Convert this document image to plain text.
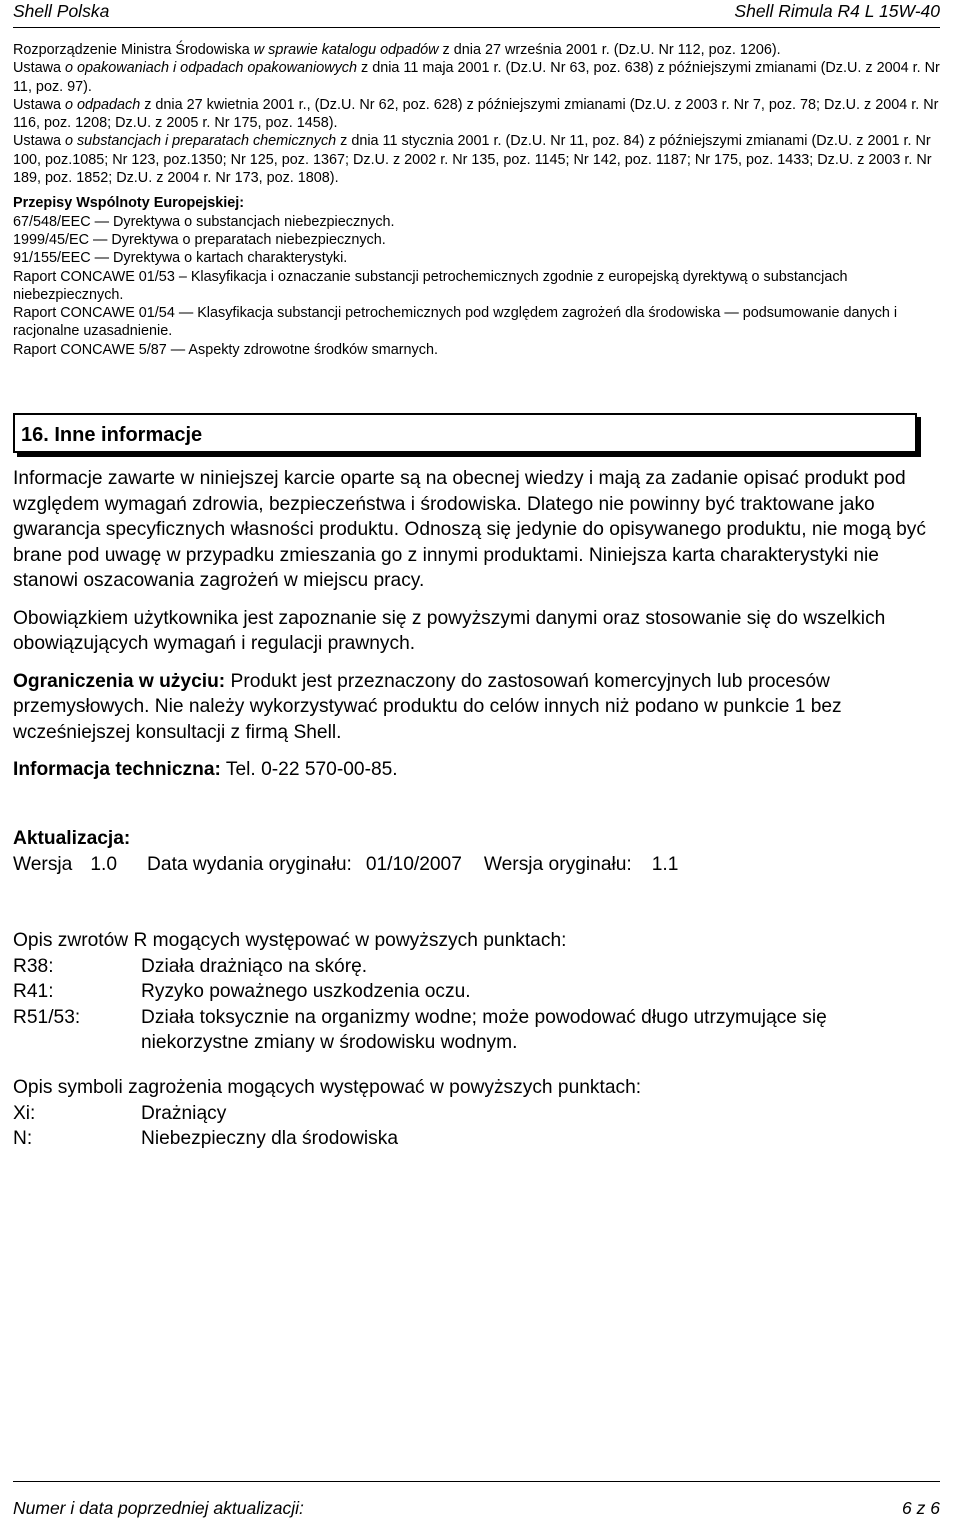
Shell Polska	Shell Rimula R4 L 15W-40

Rozporządzenie Ministra Środowiska w sprawie katalogu odpadów z dnia 27 września 2001 r. (Dz.U. Nr 112, poz. 1206).

Ustawa o opakowaniach i odpadach opakowaniowych z dnia 11 maja 2001 r. (Dz.U. Nr 63, poz. 638) z późniejszymi zmianami (Dz.U. z 2004 r. Nr 11, poz. 97).

Ustawa o odpadach z dnia 27 kwietnia 2001 r., (Dz.U. Nr 62, poz. 628) z późniejszymi zmianami (Dz.U. z 2003 r. Nr 7, poz. 78; Dz.U. z 2004 r. Nr 116, poz. 1208; Dz.U. z 2005 r. Nr 175, poz. 1458).

Ustawa o substancjach i preparatach chemicznych z dnia 11 stycznia 2001 r. (Dz.U. Nr 11, poz. 84) z późniejszymi zmianami (Dz.U. z 2001 r. Nr 100, poz.1085; Nr 123, poz.1350; Nr 125, poz. 1367; Dz.U. z 2002 r. Nr 135, poz. 1145; Nr 142, poz. 1187; Nr 175, poz. 1433; Dz.U. z 2003 r. Nr 189, poz. 1852; Dz.U. z 2004 r. Nr 173, poz. 1808).

Przepisy Wspólnoty Europejskiej:

67/548/EEC — Dyrektywa o substancjach niebezpiecznych.

1999/45/EC — Dyrektywa o preparatach niebezpiecznych.

91/155/EEC — Dyrektywa o kartach charakterystyki.

Raport CONCAWE 01/53 – Klasyfikacja i oznaczanie substancji petrochemicznych zgodnie z europejską dyrektywą o substancjach niebezpiecznych.

Raport CONCAWE 01/54 — Klasyfikacja substancji petrochemicznych pod względem zagrożeń dla środowiska — podsumowanie danych i racjonalne uzasadnienie.

Raport CONCAWE 5/87 — Aspekty zdrowotne środków smarnych.

16. Inne informacje

Informacje zawarte w niniejszej karcie oparte są na obecnej wiedzy i mają za zadanie opisać produkt pod względem wymagań zdrowia, bezpieczeństwa i środowiska. Dlatego nie powinny być traktowane jako gwarancja specyficznych własności produktu. Odnoszą się jedynie do opisywanego produktu, nie mogą być brane pod uwagę w przypadku zmieszania go z innymi produktami. Niniejsza karta charakterystyki nie stanowi oszacowania zagrożeń w miejscu pracy.

Obowiązkiem użytkownika jest zapoznanie się z powyższymi danymi oraz stosowanie się do wszelkich obowiązujących wymagań i regulacji prawnych.

Ograniczenia w użyciu: Produkt jest przeznaczony do zastosowań komercyjnych lub procesów przemysłowych. Nie należy wykorzystywać produktu do celów innych niż podano w punkcie 1 bez wcześniejszej konsultacji z firmą Shell.

Informacja techniczna: Tel. 0-22 570-00-85.

Aktualizacja:

Wersja 1.0 Data wydania oryginału: 01/10/2007 Wersja oryginału: 1.1

Opis zwrotów R mogących występować w powyższych punktach:
R38:	Działa drażniąco na skórę.
R41:	Ryzyko poważnego uszkodzenia oczu.
R51/53:	Działa toksycznie na organizmy wodne; może powodować długo utrzymujące się niekorzystne zmiany w środowisku wodnym.
Opis symboli zagrożenia mogących występować w powyższych punktach:
Xi:	Drażniący
N:	Niebezpieczny dla środowiska
Numer i data poprzedniej aktualizacji:	6 z 6
